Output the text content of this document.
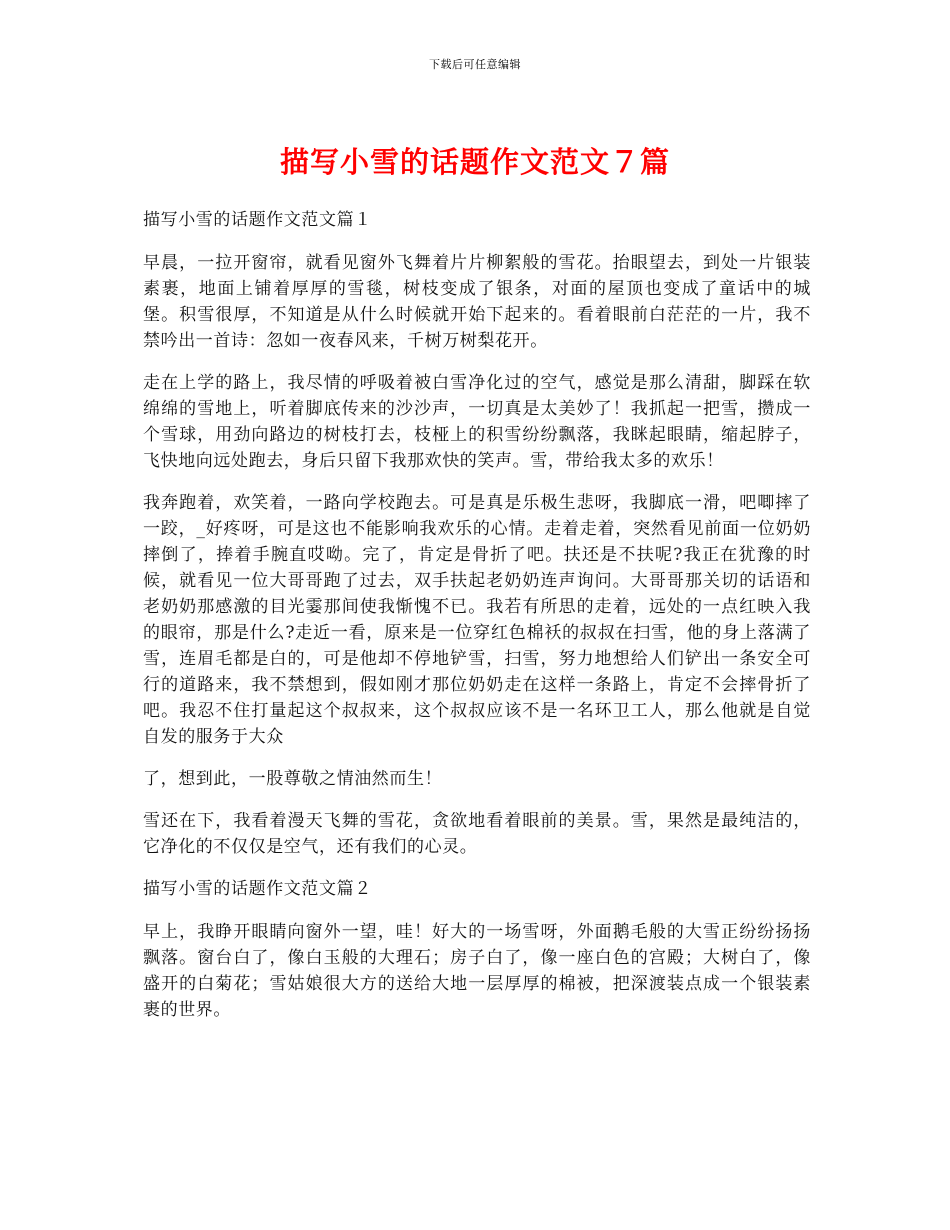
下载后可任意编辑
描写小雪的话题作文范文７篇

描写小雪的话题作文范文篇１

早晨，一拉开窗帘，就看见窗外飞舞着片片柳絮般的雪花。抬眼望去，到处一片银装素裹，地面上铺着厚厚的雪毯，树枝变成了银条，对面的屋顶也变成了童话中的城堡。积雪很厚，不知道是从什么时候就开始下起来的。看着眼前白茫茫的一片，我不禁吟出一首诗：忽如一夜春风来，千树万树梨花开。

走在上学的路上，我尽情的呼吸着被白雪净化过的空气，感觉是那么清甜，脚踩在软绵绵的雪地上，听着脚底传来的沙沙声，一切真是太美妙了！我抓起一把雪，攒成一个雪球，用劲向路边的树枝打去，枝桠上的积雪纷纷飘落，我眯起眼睛，缩起脖子，飞快地向远处跑去，身后只留下我那欢快的笑声。雪，带给我太多的欢乐！

我奔跑着，欢笑着，一路向学校跑去。可是真是乐极生悲呀，我脚底一滑，吧唧摔了一跤，_好疼呀，可是这也不能影响我欢乐的心情。走着走着，突然看见前面一位奶奶摔倒了，捧着手腕直哎呦。完了，肯定是骨折了吧。扶还是不扶呢?我正在犹豫的时候，就看见一位大哥哥跑了过去，双手扶起老奶奶连声询问。大哥哥那关切的话语和老奶奶那感激的目光霎那间使我惭愧不已。我若有所思的走着，远处的一点红映入我的眼帘，那是什么?走近一看，原来是一位穿红色棉袄的叔叔在扫雪，他的身上落满了雪，连眉毛都是白的，可是他却不停地铲雪，扫雪，努力地想给人们铲出一条安全可行的道路来，我不禁想到，假如刚才那位奶奶走在这样一条路上，肯定不会摔骨折了吧。我忍不住打量起这个叔叔来，这个叔叔应该不是一名环卫工人，那么他就是自觉自发的服务于大众

了，想到此，一股尊敬之情油然而生！

雪还在下，我看着漫天飞舞的雪花，贪欲地看着眼前的美景。雪，果然是最纯洁的，它净化的不仅仅是空气，还有我们的心灵。

描写小雪的话题作文范文篇２

早上，我睁开眼睛向窗外一望，哇！好大的一场雪呀，外面鹅毛般的大雪正纷纷扬扬飘落。窗台白了，像白玉般的大理石；房子白了，像一座白色的宫殿；大树白了，像盛开的白菊花；雪姑娘很大方的送给大地一层厚厚的棉被，把深渡装点成一个银装素裹的世界。
